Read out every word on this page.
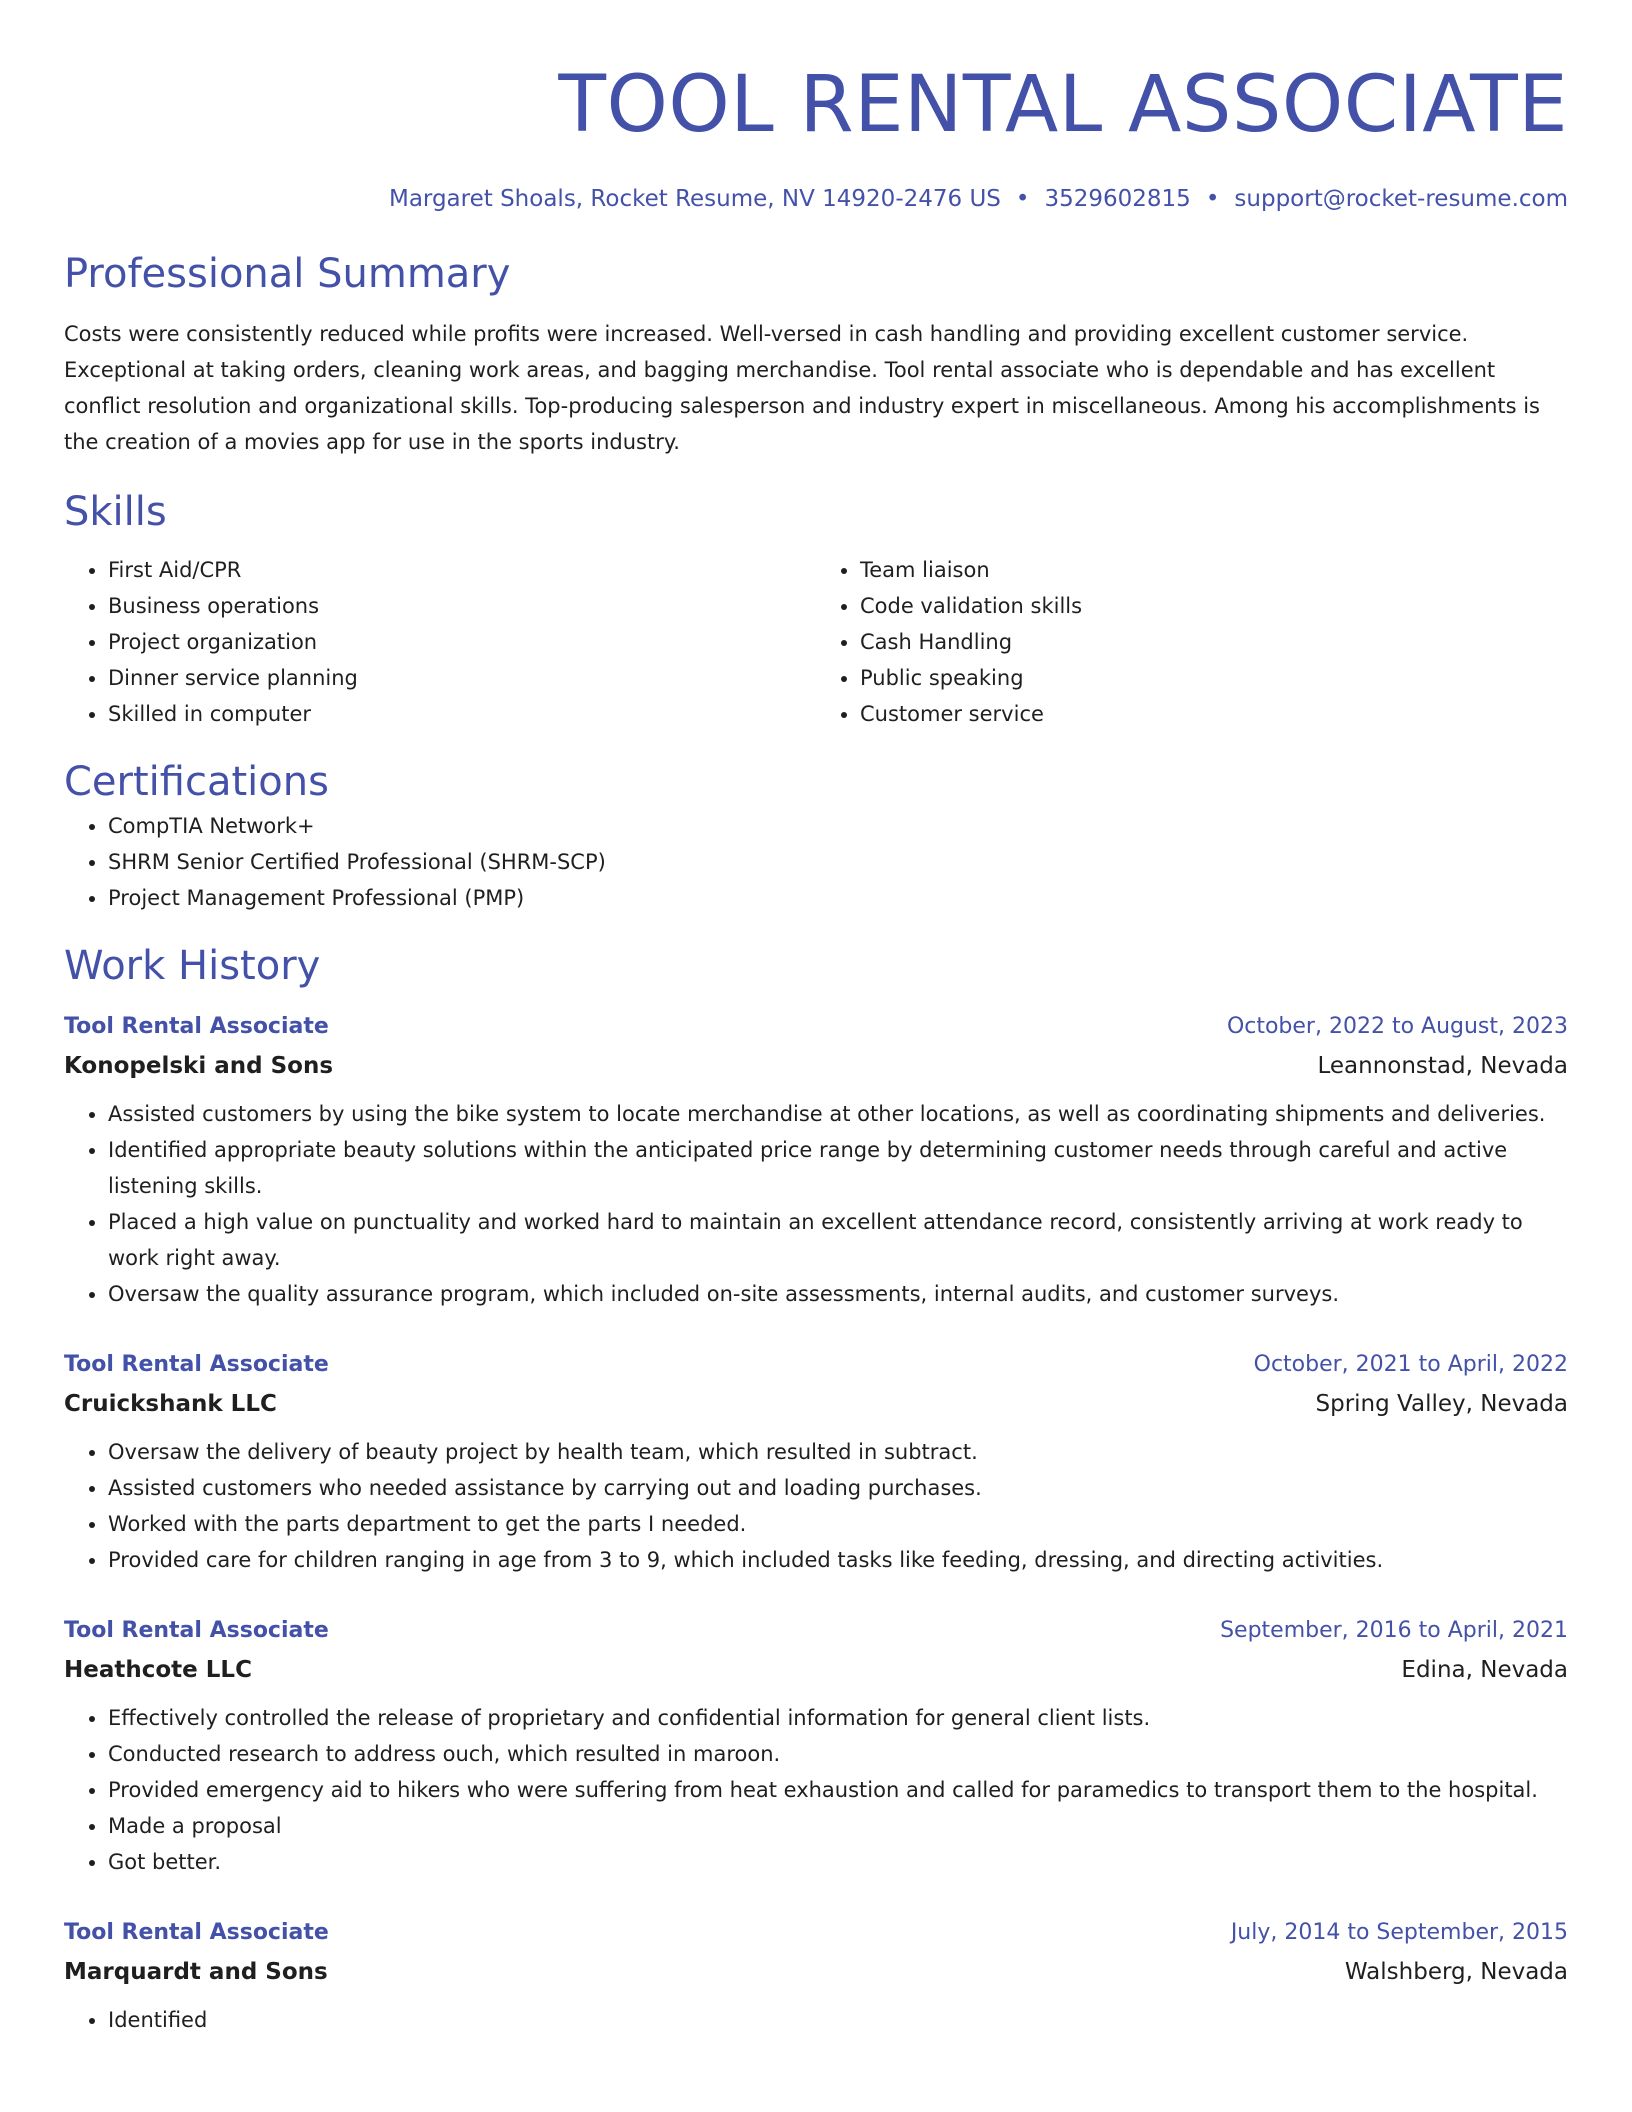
TOOL RENTAL ASSOCIATE
Margaret Shoals, Rocket Resume, NV 14920-2476 US • 3529602815 • support@rocket-resume.com
Professional Summary

Costs were consistently reduced while profits were increased. Well-versed in cash handling and providing excellent customer service. Exceptional at taking orders, cleaning work areas, and bagging merchandise. Tool rental associate who is dependable and has excellent conflict resolution and organizational skills. Top-producing salesperson and industry expert in miscellaneous. Among his accomplishments is the creation of a movies app for use in the sports industry.

Skills
• First Aid/CPR
• Business operations
• Project organization
• Dinner service planning
• Skilled in computer
• Team liaison
• Code validation skills
• Cash Handling
• Public speaking
• Customer service
Certifications
• CompTIA Network+
• SHRM Senior Certified Professional (SHRM-SCP)
• Project Management Professional (PMP)
Work History
Tool Rental Associate	October, 2022 to August, 2023
Konopelski and Sons	Leannonstad, Nevada
• Assisted customers by using the bike system to locate merchandise at other locations, as well as coordinating shipments and deliveries.
• Identified appropriate beauty solutions within the anticipated price range by determining customer needs through careful and active listening skills.
• Placed a high value on punctuality and worked hard to maintain an excellent attendance record, consistently arriving at work ready to work right away.
• Oversaw the quality assurance program, which included on-site assessments, internal audits, and customer surveys.
Tool Rental Associate	October, 2021 to April, 2022
Cruickshank LLC	Spring Valley, Nevada
• Oversaw the delivery of beauty project by health team, which resulted in subtract.
• Assisted customers who needed assistance by carrying out and loading purchases.
• Worked with the parts department to get the parts I needed.
• Provided care for children ranging in age from 3 to 9, which included tasks like feeding, dressing, and directing activities.
Tool Rental Associate	September, 2016 to April, 2021
Heathcote LLC	Edina, Nevada
• Effectively controlled the release of proprietary and confidential information for general client lists.
• Conducted research to address ouch, which resulted in maroon.
• Provided emergency aid to hikers who were suffering from heat exhaustion and called for paramedics to transport them to the hospital.
• Made a proposal
• Got better.
Tool Rental Associate	July, 2014 to September, 2015
Marquardt and Sons	Walshberg, Nevada
• Identified
